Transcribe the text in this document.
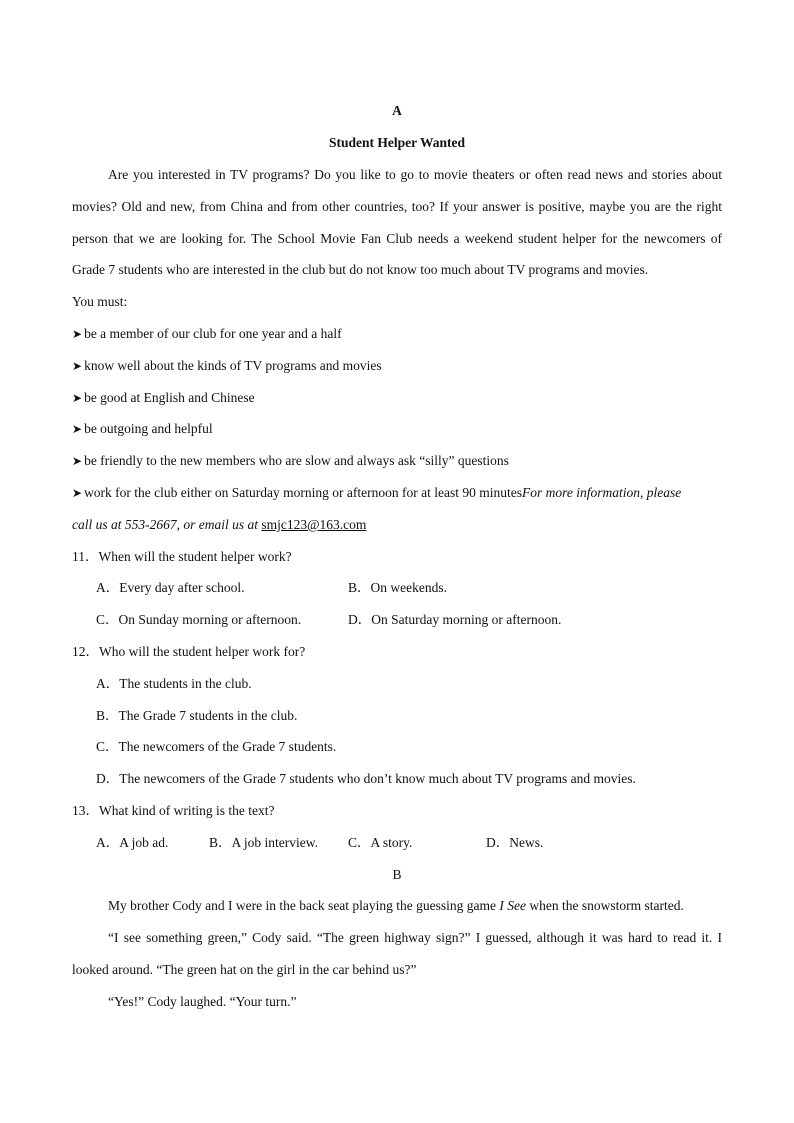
A
Student Helper Wanted
Are you interested in TV programs? Do you like to go to movie theaters or often read news and stories about
movies? Old and new, from China and from other countries, too? If your answer is positive, maybe you are the right
person that we are looking for. The School Movie Fan Club needs a weekend student helper for the newcomers of
Grade 7 students who are interested in the club but do not know too much about TV programs and movies.
You must:
➤ be a member of our club for one year and a half
➤ know well about the kinds of TV programs and movies
➤ be good at English and Chinese
➤ be outgoing and helpful
➤ be friendly to the new members who are slow and always ask “silly” questions
➤ work for the club either on Saturday morning or afternoon for at least 90 minutesFor more information, please
call us at 553-2667, or email us at smjc123@163.com
11．When will the student helper work?
A．Every day after school.	B．On weekends.
C．On Sunday morning or afternoon.	D．On Saturday morning or afternoon.
12．Who will the student helper work for?
A．The students in the club.
B．The Grade 7 students in the club.
C．The newcomers of the Grade 7 students.
D．The newcomers of the Grade 7 students who don’t know much about TV programs and movies.
13．What kind of writing is the text?
A．A job ad.	B．A job interview. C．A story.	D．News.
B
My brother Cody and I were in the back seat playing the guessing game I See when the snowstorm started.
“I see something green,” Cody said. “The green highway sign?” I guessed, although it was hard to read it. I
looked around. “The green hat on the girl in the car behind us?”
“Yes!” Cody laughed. “Your turn.”
